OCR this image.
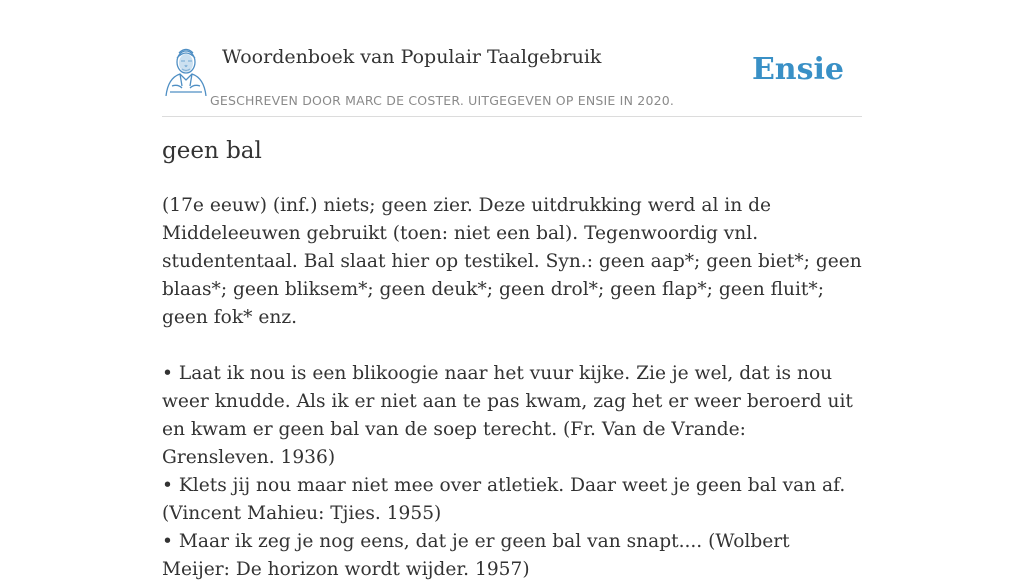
Woordenboek van Populair Taalgebruik
GESCHREVEN DOOR MARC DE COSTER. UITGEGEVEN OP ENSIE IN 2020.
Ensie
geen bal

(17e eeuw) (inf.) niets; geen zier. Deze uitdrukking werd al in de Middeleeuwen gebruikt (toen: niet een bal). Tegenwoordig vnl. studententaal. Bal slaat hier op testikel. Syn.: geen aap*; geen biet*; geen blaas*; geen bliksem*; geen deuk*; geen drol*; geen flap*; geen fluit*; geen fok* enz.

• Laat ik nou is een blikoogie naar het vuur kijke. Zie je wel, dat is nou weer knudde. Als ik er niet aan te pas kwam, zag het er weer beroerd uit en kwam er geen bal van de soep terecht. (Fr. Van de Vrande: Grensleven. 1936)

• Klets jij nou maar niet mee over atletiek. Daar weet je geen bal van af. (Vincent Mahieu: Tjies. 1955)

• Maar ik zeg je nog eens, dat je er geen bal van snapt.... (Wolbert Meijer: De horizon wordt wijder. 1957)
